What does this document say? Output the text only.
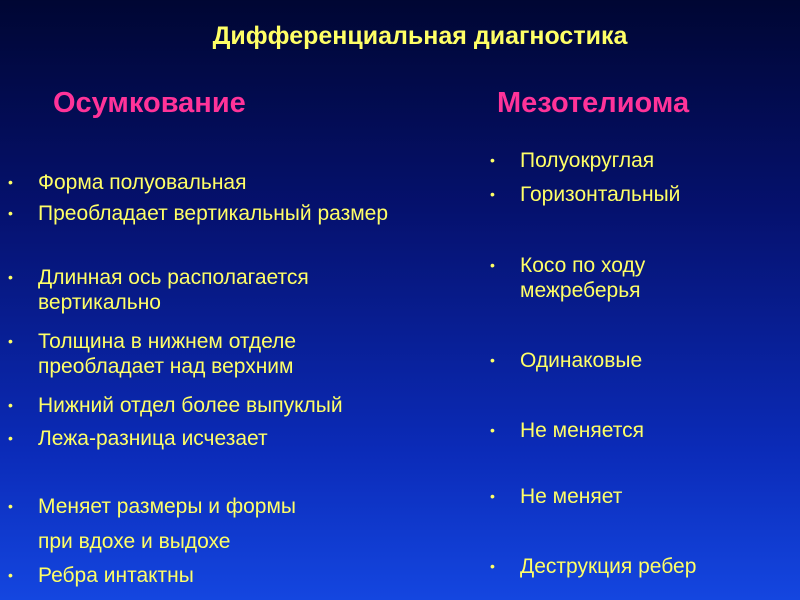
Дифференциальная диагностика
Осумкование	Мезотелиома
•	Форма полуовальная
•	Преобладает вертикальный размер
•	Длинная ось располагается вертикально
•	Толщина в нижнем отделе преобладает над верхним
•	Нижний отдел более выпуклый
•	Лежа-разница исчезает
•	Меняет размеры и формы
при вдохе и выдохе
•	Ребра интактны
•	Полуокруглая
•	Горизонтальный
•	Косо по ходу межреберья
•	Одинаковые
•	Не меняется
•	Не меняет
•	Деструкция ребер
